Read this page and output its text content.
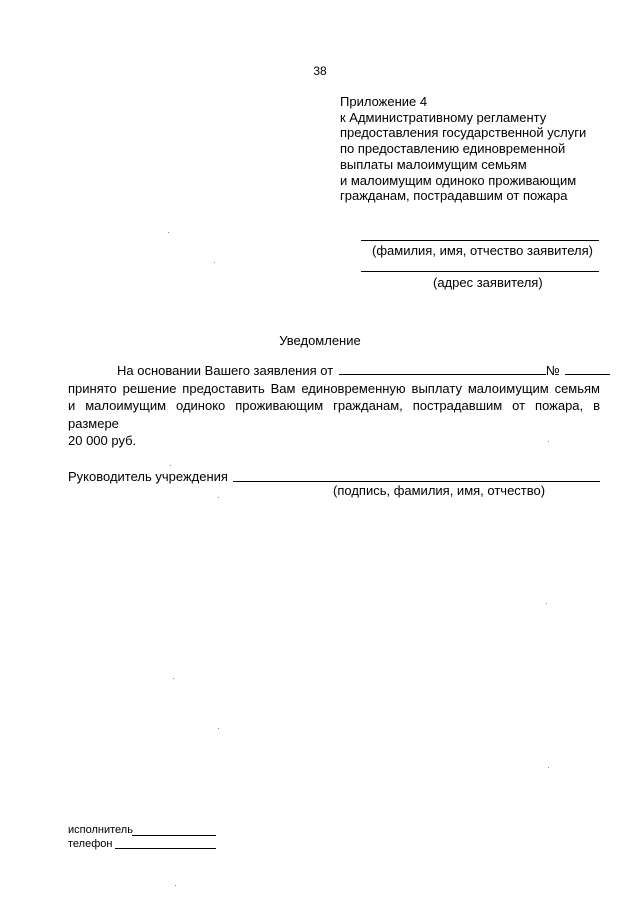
38
Приложение 4
к Административному регламенту
предоставления государственной услуги
по предоставлению единовременной
выплаты малоимущим семьям
и малоимущим одиноко проживающим
гражданам, пострадавшим от пожара
(фамилия, имя, отчество заявителя)
(адрес заявителя)
Уведомление
На основании Вашего заявления от	№
принято решение предоставить Вам единовременную выплату малоимущим семьям
и малоимущим одиноко проживающим гражданам, пострадавшим от пожара, в размере
20 000 руб.
Руководитель учреждения
(подпись, фамилия, имя, отчество)
исполнитель
телефон
